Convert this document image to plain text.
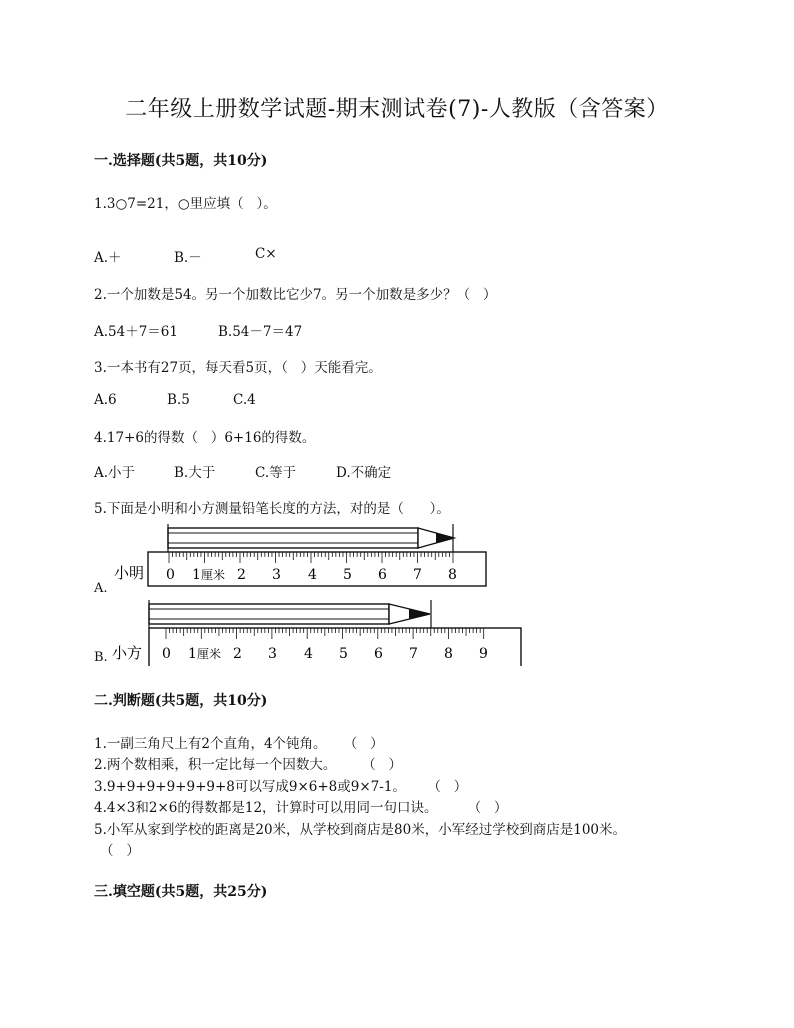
二年级上册数学试题-期末测试卷(7)-人教版（含答案）
一.选择题(共5题，共10分)
1.3○7=21，○里应填（   ）。
A.＋	B.－	C×
2.一个加数是54。另一个加数比它少7。另一个加数是多少？（   ）
A.54＋7＝61	B.54－7＝47
3.一本书有27页，每天看5页，（   ）天能看完。
A.6	B.5	C.4
4.17+6的得数（   ）6+16的得数。
A.小于	B.大于	C.等于	D.不确定
5.下面是小明和小方测量铅笔长度的方法，对的是（      ）。
A.
小明 0 1 厘米 2 3 4 5 6 7 8
B. 小方 0 1 厘米 2 3 4 5 6 7 8 9
二.判断题(共5题，共10分)
1.一副三角尺上有2个直角，4个钝角。    （   ）
2.两个数相乘，积一定比每一个因数大。      （   ）
3.9+9+9+9+9+9+8可以写成9×6+8或9×7-1。     （   ）
4.4×3和2×6的得数都是12，计算时可以用同一句口诀。       （   ）
5.小军从家到学校的距离是20米，从学校到商店是80米，小军经过学校到商店是100米。
（   ）
三.填空题(共5题，共25分)
